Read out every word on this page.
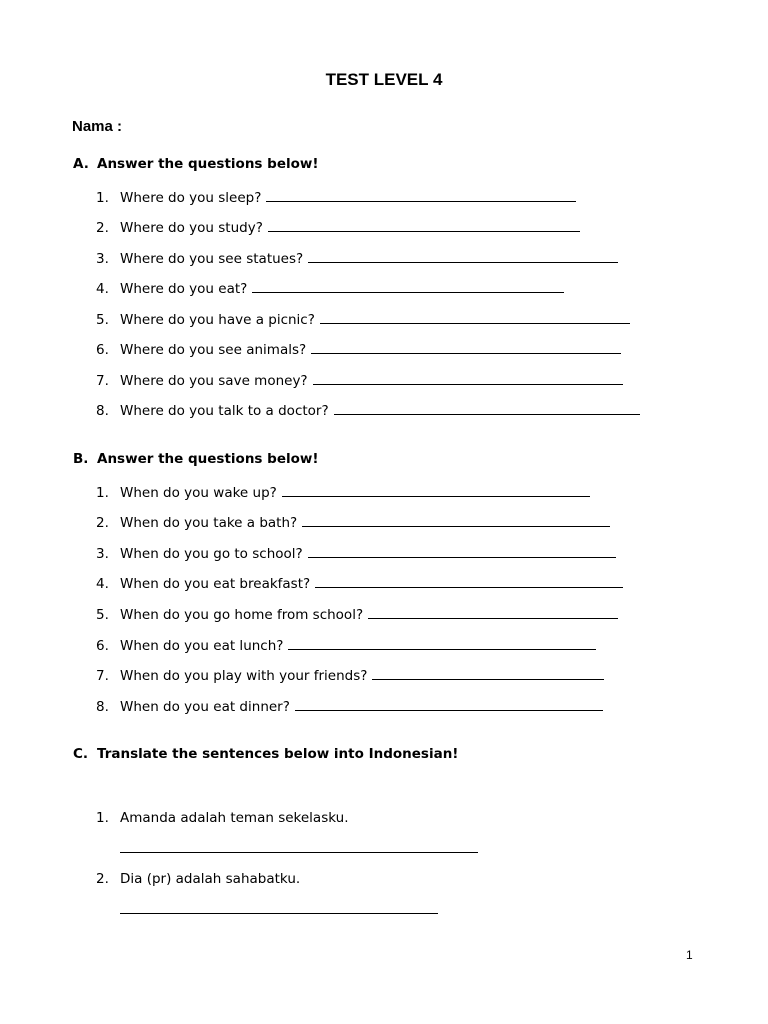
TEST LEVEL 4
Nama :
A. Answer the questions below!
1. Where do you sleep?
2. Where do you study?
3. Where do you see statues?
4. Where do you eat?
5. Where do you have a picnic?
6. Where do you see animals?
7. Where do you save money?
8. Where do you talk to a doctor?
B. Answer the questions below!
1. When do you wake up?
2. When do you take a bath?
3. When do you go to school?
4. When do you eat breakfast?
5. When do you go home from school?
6. When do you eat lunch?
7. When do you play with your friends?
8. When do you eat dinner?
C. Translate the sentences below into Indonesian!
1. Amanda adalah teman sekelasku.
2. Dia (pr) adalah sahabatku.
1
